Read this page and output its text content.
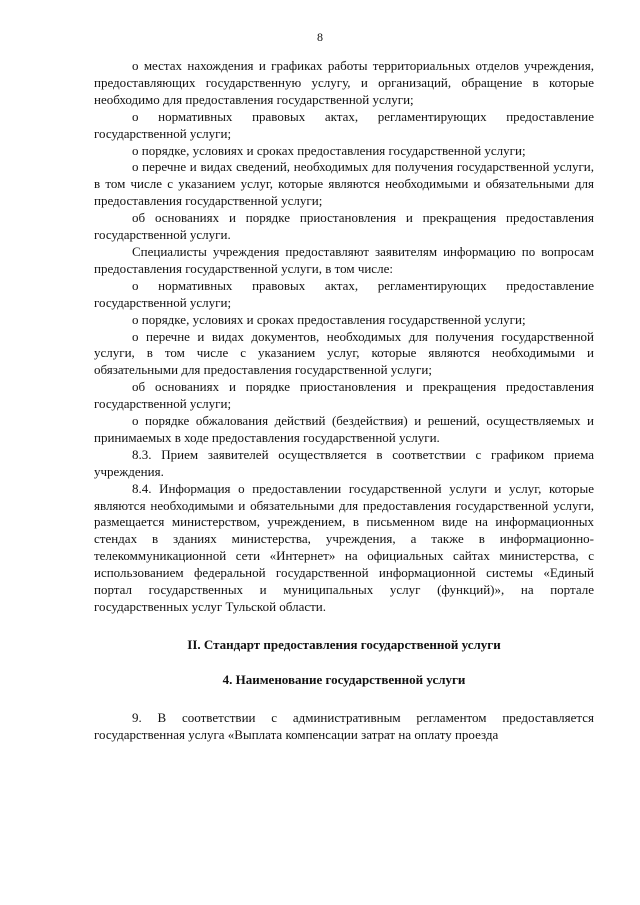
8

о местах нахождения и графиках работы территориальных отделов учреждения, предоставляющих государственную услугу, и организаций, обращение в которые необходимо для предоставления государственной услуги;

о нормативных правовых актах, регламентирующих предоставление государственной услуги;

о порядке, условиях и сроках предоставления государственной услуги;

о перечне и видах сведений, необходимых для получения государственной услуги, в том числе с указанием услуг, которые являются необходимыми и обязательными для предоставления государственной услуги;

об основаниях и порядке приостановления и прекращения предоставления государственной услуги.

Специалисты учреждения предоставляют заявителям информацию по вопросам предоставления государственной услуги, в том числе:

о нормативных правовых актах, регламентирующих предоставление государственной услуги;

о порядке, условиях и сроках предоставления государственной услуги;

о перечне и видах документов, необходимых для получения государственной услуги, в том числе с указанием услуг, которые являются необходимыми и обязательными для предоставления государственной услуги;

об основаниях и порядке приостановления и прекращения предоставления государственной услуги;

о порядке обжалования действий (бездействия) и решений, осуществляемых и принимаемых в ходе предоставления государственной услуги.

8.3. Прием заявителей осуществляется в соответствии с графиком приема учреждения.

8.4. Информация о предоставлении государственной услуги и услуг, которые являются необходимыми и обязательными для предоставления государственной услуги, размещается министерством, учреждением, в письменном виде на информационных стендах в зданиях министерства, учреждения, а также в информационно-телекоммуникационной сети «Интернет» на официальных сайтах министерства, с использованием федеральной государственной информационной системы «Единый портал государственных и муниципальных услуг (функций)», на портале государственных услуг Тульской области.

II. Стандарт предоставления государственной услуги
4. Наименование государственной услуги

9. В соответствии с административным регламентом предоставляется государственная услуга «Выплата компенсации затрат на оплату проезда
